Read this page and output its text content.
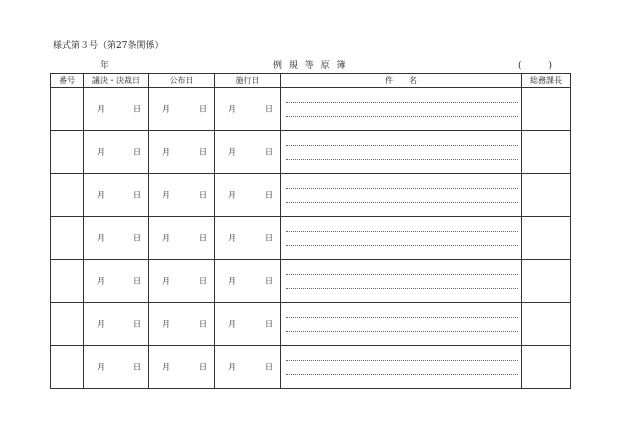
様式第３号（第27条関係）
年	例 規 等 原 簿	(　　　)
番号	議決・決裁日	公布日	施行日	件　　名	総務課長

	月 日	月 日	月 日		

	月 日	月 日	月 日		

	月 日	月 日	月 日		

	月 日	月 日	月 日		

	月 日	月 日	月 日		

	月 日	月 日	月 日		

	月 日	月 日	月 日		
